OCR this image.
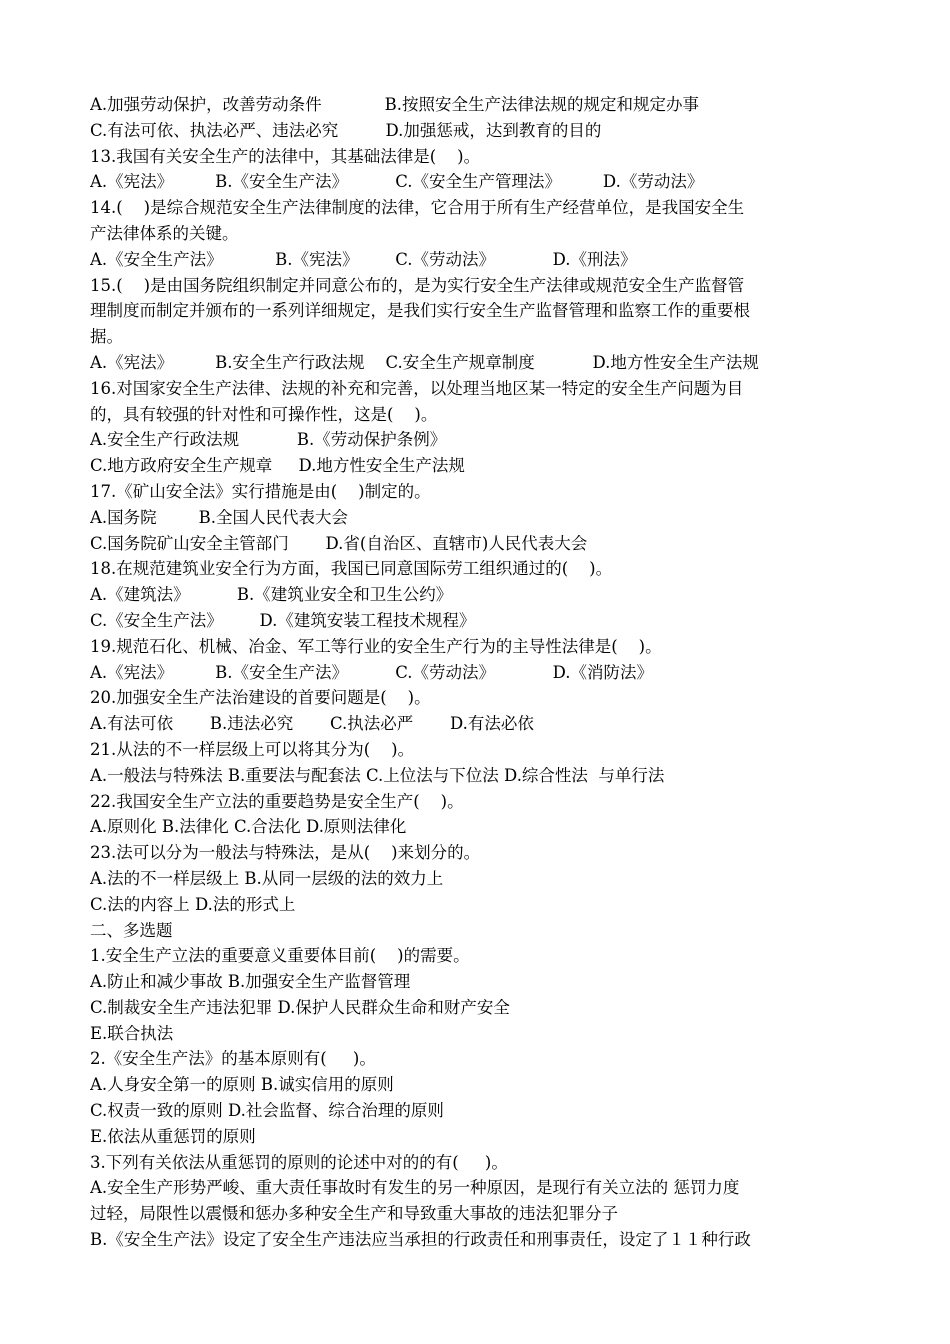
A.加强劳动保护，改善劳动条件            B.按照安全生产法律法规的规定和规定办事
C.有法可依、执法必严、违法必究         D.加强惩戒，达到教育的目的
13.我国有关安全生产的法律中，其基础法律是(    )。
A.《宪法》        B.《安全生产法》         C.《安全生产管理法》        D.《劳动法》
14.(    )是综合规范安全生产法律制度的法律，它合用于所有生产经营单位，是我国安全生
产法律体系的关键。
A.《安全生产法》          B.《宪法》       C.《劳动法》           D.《刑法》
15.(    )是由国务院组织制定并同意公布的，是为实行安全生产法律或规范安全生产监督管
理制度而制定并颁布的一系列详细规定，是我们实行安全生产监督管理和监察工作的重要根
据。
A.《宪法》        B.安全生产行政法规    C.安全生产规章制度           D.地方性安全生产法规
16.对国家安全生产法律、法规的补充和完善，以处理当地区某一特定的安全生产问题为目
的，具有较强的针对性和可操作性，这是(    )。
A.安全生产行政法规           B.《劳动保护条例》
C.地方政府安全生产规章     D.地方性安全生产法规
17.《矿山安全法》实行措施是由(    )制定的。
A.国务院        B.全国人民代表大会
C.国务院矿山安全主管部门       D.省(自治区、直辖市)人民代表大会
18.在规范建筑业安全行为方面，我国已同意国际劳工组织通过的(    )。
A.《建筑法》         B.《建筑业安全和卫生公约》
C.《安全生产法》       D.《建筑安装工程技术规程》
19.规范石化、机械、冶金、军工等行业的安全生产行为的主导性法律是(    )。
A.《宪法》        B.《安全生产法》         C.《劳动法》           D.《消防法》
20.加强安全生产法治建设的首要问题是(    )。
A.有法可依       B.违法必究       C.执法必严       D.有法必依
21.从法的不一样层级上可以将其分为(    )。
A.一般法与特殊法 B.重要法与配套法 C.上位法与下位法 D.综合性法  与单行法
22.我国安全生产立法的重要趋势是安全生产(    )。
A.原则化 B.法律化 C.合法化 D.原则法律化
23.法可以分为一般法与特殊法，是从(    )来划分的。
A.法的不一样层级上 B.从同一层级的法的效力上
C.法的内容上 D.法的形式上
二、多选题
1.安全生产立法的重要意义重要体目前(    )的需要。
A.防止和减少事故 B.加强安全生产监督管理
C.制裁安全生产违法犯罪 D.保护人民群众生命和财产安全
E.联合执法
2.《安全生产法》的基本原则有(     )。
A.人身安全第一的原则 B.诚实信用的原则
C.权责一致的原则 D.社会监督、综合治理的原则
E.依法从重惩罚的原则
3.下列有关依法从重惩罚的原则的论述中对的的有(     )。
A.安全生产形势严峻、重大责任事故时有发生的另一种原因，是现行有关立法的 惩罚力度
过轻，局限性以震慑和惩办多种安全生产和导致重大事故的违法犯罪分子
B.《安全生产法》设定了安全生产违法应当承担的行政责任和刑事责任，设定了１１种行政
